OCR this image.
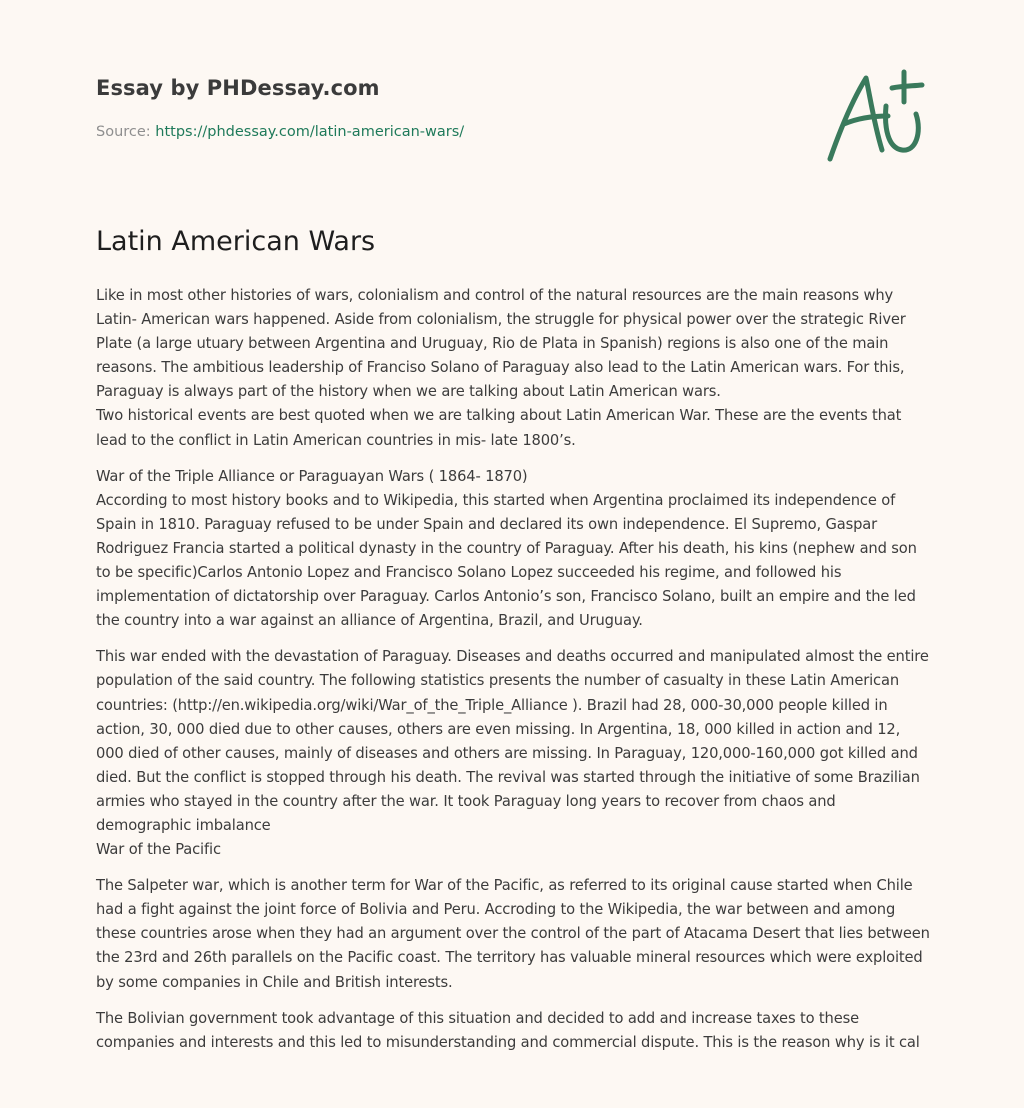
Essay by PHDessay.com
Source: https://phdessay.com/latin-american-wars/
Latin American Wars

Like in most other histories of wars, colonialism and control of the natural resources are the main reasons why Latin- American wars happened. Aside from colonialism, the struggle for physical power over the strategic River Plate (a large utuary between Argentina and Uruguay, Rio de Plata in Spanish) regions is also one of the main reasons. The ambitious leadership of Franciso Solano of Paraguay also lead to the Latin American wars. For this, Paraguay is always part of the history when we are talking about Latin American wars.
Two historical events are best quoted when we are talking about Latin American War. These are the events that lead to the conflict in Latin American countries in mis- late 1800’s.

War of the Triple Alliance or Paraguayan Wars ( 1864- 1870)
According to most history books and to Wikipedia, this started when Argentina proclaimed its independence of Spain in 1810. Paraguay refused to be under Spain and declared its own independence. El Supremo, Gaspar Rodriguez Francia started a political dynasty in the country of Paraguay. After his death, his kins (nephew and son to be specific)Carlos Antonio Lopez and Francisco Solano Lopez succeeded his regime, and followed his implementation of dictatorship over Paraguay. Carlos Antonio’s son, Francisco Solano, built an empire and the led the country into a war against an alliance of Argentina, Brazil, and Uruguay.

This war ended with the devastation of Paraguay. Diseases and deaths occurred and manipulated almost the entire population of the said country. The following statistics presents the number of casualty in these Latin American countries: (http://en.wikipedia.org/wiki/War_of_the_Triple_Alliance ). Brazil had 28, 000-30,000 people killed in action, 30, 000 died due to other causes, others are even missing. In Argentina, 18, 000 killed in action and 12, 000 died of other causes, mainly of diseases and others are missing. In Paraguay, 120,000-160,000 got killed and died. But the conflict is stopped through his death. The revival was started through the initiative of some Brazilian armies who stayed in the country after the war. It took Paraguay long years to recover from chaos and demographic imbalance
War of the Pacific

The Salpeter war, which is another term for War of the Pacific, as referred to its original cause started when Chile had a fight against the joint force of Bolivia and Peru. Accroding to the Wikipedia, the war between and among these countries arose when they had an argument over the control of the part of Atacama Desert that lies between the 23rd and 26th parallels on the Pacific coast. The territory has valuable mineral resources which were exploited by some companies in Chile and British interests.

The Bolivian government took advantage of this situation and decided to add and increase taxes to these companies and interests and this led to misunderstanding and commercial dispute. This is the reason why is it cal
